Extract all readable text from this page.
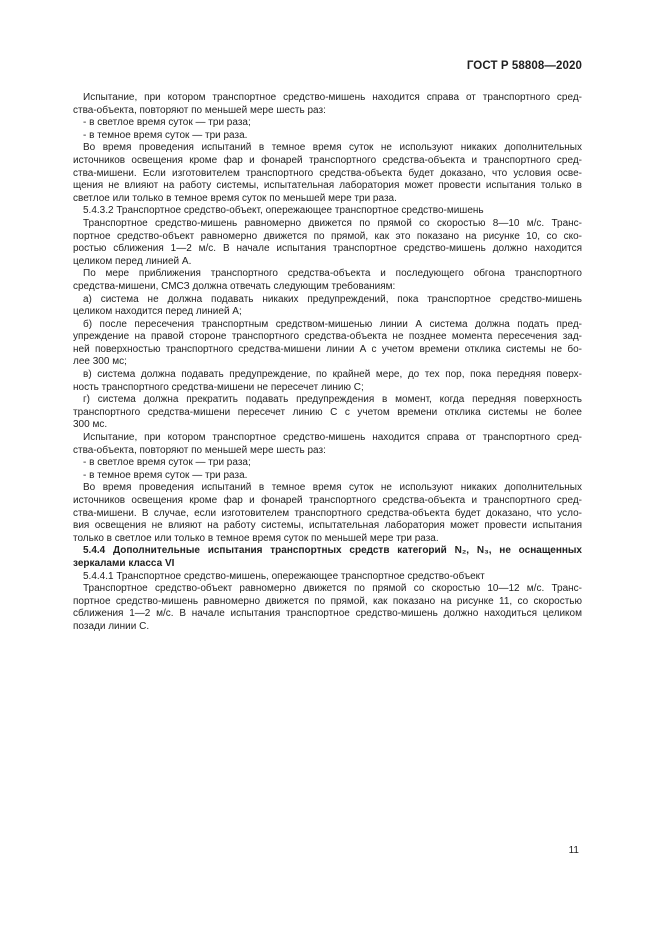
ГОСТ Р 58808—2020
Испытание, при котором транспортное средство-мишень находится справа от транспортного сред-
ства-объекта, повторяют по меньшей мере шесть раз:
- в светлое время суток — три раза;
- в темное время суток — три раза.
Во время проведения испытаний в темное время суток не используют никаких дополнительных
источников освещения кроме фар и фонарей транспортного средства-объекта и транспортного сред-
ства-мишени. Если изготовителем транспортного средства-объекта будет доказано, что условия осве-
щения не влияют на работу системы, испытательная лаборатория может провести испытания только в
светлое или только в темное время суток по меньшей мере три раза.
5.4.3.2 Транспортное средство-объект, опережающее транспортное средство-мишень
Транспортное средство-мишень равномерно движется по прямой со скоростью 8—10 м/с. Транс-
портное средство-объект равномерно движется по прямой, как это показано на рисунке 10, со ско-
ростью сближения 1—2 м/с. В начале испытания транспортное средство-мишень должно находится
целиком перед линией А.
По мере приближения транспортного средства-объекта и последующего обгона транспортного
средства-мишени, СМСЗ должна отвечать следующим требованиям:
а) система не должна подавать никаких предупреждений, пока транспортное средство-мишень
целиком находится перед линией А;
б) после пересечения транспортным средством-мишенью линии А система должна подать пред-
упреждение на правой стороне транспортного средства-объекта не позднее момента пересечения зад-
ней поверхностью транспортного средства-мишени линии А с учетом времени отклика системы не бо-
лее 300 мс;
в) система должна подавать предупреждение, по крайней мере, до тех пор, пока передняя поверх-
ность транспортного средства-мишени не пересечет линию С;
г) система должна прекратить подавать предупреждения в момент, когда передняя поверхность
транспортного средства-мишени пересечет линию С с учетом времени отклика системы не более
300 мс.
Испытание, при котором транспортное средство-мишень находится справа от транспортного сред-
ства-объекта, повторяют по меньшей мере шесть раз:
- в светлое время суток — три раза;
- в темное время суток — три раза.
Во время проведения испытаний в темное время суток не используют никаких дополнительных
источников освещения кроме фар и фонарей транспортного средства-объекта и транспортного сред-
ства-мишени. В случае, если изготовителем транспортного средства-объекта будет доказано, что усло-
вия освещения не влияют на работу системы, испытательная лаборатория может провести испытания
только в светлое или только в темное время суток по меньшей мере три раза.
5.4.4 Дополнительные испытания транспортных средств категорий N₂, N₃, не оснащенных
зеркалами класса VI
5.4.4.1 Транспортное средство-мишень, опережающее транспортное средство-объект
Транспортное средство-объект равномерно движется по прямой со скоростью 10—12 м/с. Транс-
портное средство-мишень равномерно движется по прямой, как показано на рисунке 11, со скоростью
сближения 1—2 м/с. В начале испытания транспортное средство-мишень должно находиться целиком
позади линии С.
11
